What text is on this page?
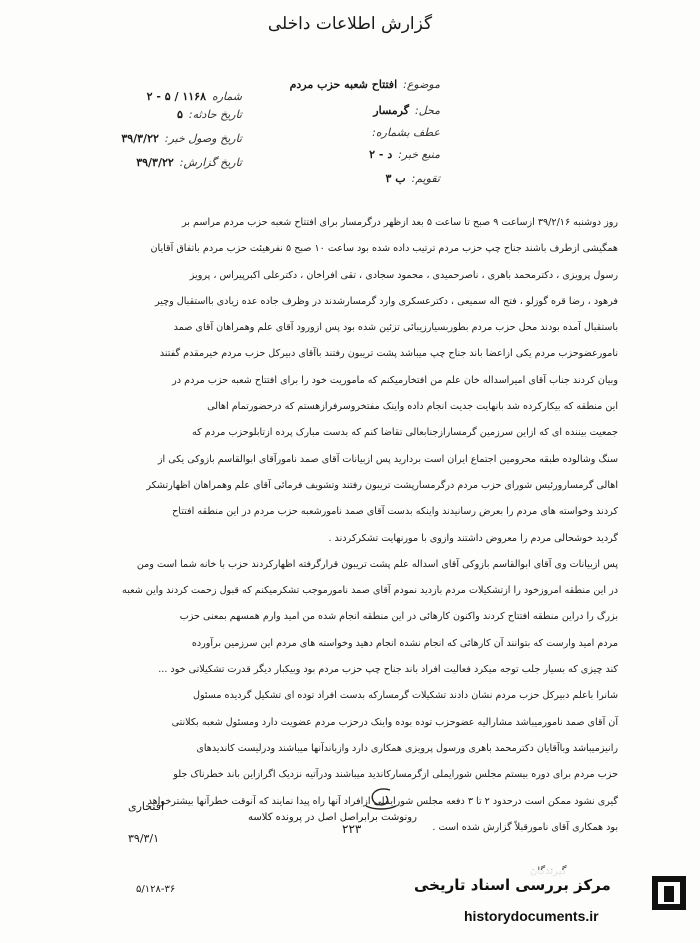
گزارش اطلاعات داخلی
موضوع:افتتاح شعبه حزب مردم
محل:گرمسار
عطف بشماره:
منبع خبر:د - ۲
تقویم:ب ۳
شماره۱۱۶۸ / ۵ - ۲
تاریخ حادثه:۵
تاریخ وصول خبر:۳۹/۳/۲۲
تاریخ گزارش:۳۹/۳/۲۲

روز دوشنبه ۳۹/۲/۱۶ ازساعت ۹ صبح تا ساعت ۵ بعد ازظهر درگرمسار برای افتتاح شعبه حزب مردم مراسم بر

همگیشی ازطرف باشند جناح چپ حزب مردم ترتیب داده شده بود ساعت ۱۰ صبح ۵ نفرهیئت حزب مردم باتفاق آقایان

رسول پرویزی ، دکترمحمد باهری ، ناصرحمیدی ، محمود سجادی ، تقی افراخان ، دکترعلی اکبرپیراس ، پرویز

فرهود ، رضا قره گوزلو ، فتح اله سمیعی ، دکترعسکری وارد گرمسارشدند در وظرف جاده عده زیادی بااستقبال وچیر

باستقبال آمده بودند محل حزب مردم بطوربسیارزیبائی تزئین شده بود پس ازورود آقای علم وهمراهان آقای صمد

نامورعضوحزب مردم یکی ازاعضا باند جناح چپ میباشد پشت تریبون رفتند باآقای دبیرکل حزب مردم خیرمقدم گفتند

وبیان کردند جناب آقای امیراسداله خان علم من افتخارمیکنم که ماموریت خود را برای افتتاح شعبه حزب مردم در

این منطقه که بیکارکرده شد بانهایت جدیت انجام داده واینک مفتخروسرفرازهستم که درحضورتمام اهالی

جمعیت بیننده ای که ازاین سرزمین گرمسارازجنابعالی تقاضا کنم که بدست مبارک پرده ازتابلوحزب مردم که

سنگ وشالوده طبقه محرومین اجتماع ایران است بردارید پس ازبیانات آقای صمد نامورآقای ابوالقاسم بازوکی یکی از

اهالی گرمسارورئیس شورای حزب مردم درگرمسارپشت تریبون رفتند وتشویف فرمائی آقای علم وهمراهان اظهارتشکر

کردند وخواسته های مردم را بعرض رسانیدند واینکه بدست آقای صمد نامورشعبه حزب مردم در این منطقه افتتاح

گردید خوشحالی مردم را معروض داشتند وازوی با مورنهایت تشکرکردند .

پس ازبیانات وی آقای ابوالقاسم بازوکی آقای اسداله علم پشت تریبون قرارگرفته اظهارکردند حزب با خانه شما است ومن

در این منطقه امروزخود را ازتشکیلات مردم بازدید نمودم آقای صمد نامورموجب تشکرمیکنم که قبول زحمت کردند واین شعبه

بزرگ را دراین منطقه افتتاح کردند واکنون کارهائی در این منطقه انجام شده من امید وارم همسهم بمعنی حزب

مردم امید وارست که بتوانند آن کارهائی که انجام نشده انجام دهید وخواسته های مردم این سرزمین برآورده

کند چیزی که بسیار جلب توجه میکرد فعالیت افراد باند جناح چپ حزب مردم بود وبیکبار دیگر قدرت تشکیلاتی خود ...

شانرا باعلم دبیرکل حزب مردم نشان دادند تشکیلات گرمسارکه بدست افراد توده ای تشکیل گردیده مسئول

آن آقای صمد نامورمیباشد مشارالیه عضوحزب توده بوده واینک درحزب مردم عضویت دارد ومسئول شعبه بکلانتی

رانیزمیباشد وباآقایان دکترمحمد باهری ورسول پرویزی همکاری دارد وازباندآنها میباشند ودرلیست کاندیدهای

حزب مردم برای دوره بیستم مجلس شورایملی ازگرمسارکاندید میباشند ودرآتیه نزدیک اگرازاین باند خطرناک جلو

گیری نشود ممکن است درحدود ۲ تا ۳ دفعه مجلس شورایملی ازافراد آنها راه پیدا نمایند که آنوقت خطرآنها بیشترخواهد

بود همکاری آقای نامورقبلاً گزارش شده است .

افتخاری
۳۹/۳/۱
رونوشت برابراصل اصل در پرونده کلاسه
۲۲۳
۵/۱۲۸-۳۶	مرکز بررسی اسناد تاریخی
historydocuments.ir
